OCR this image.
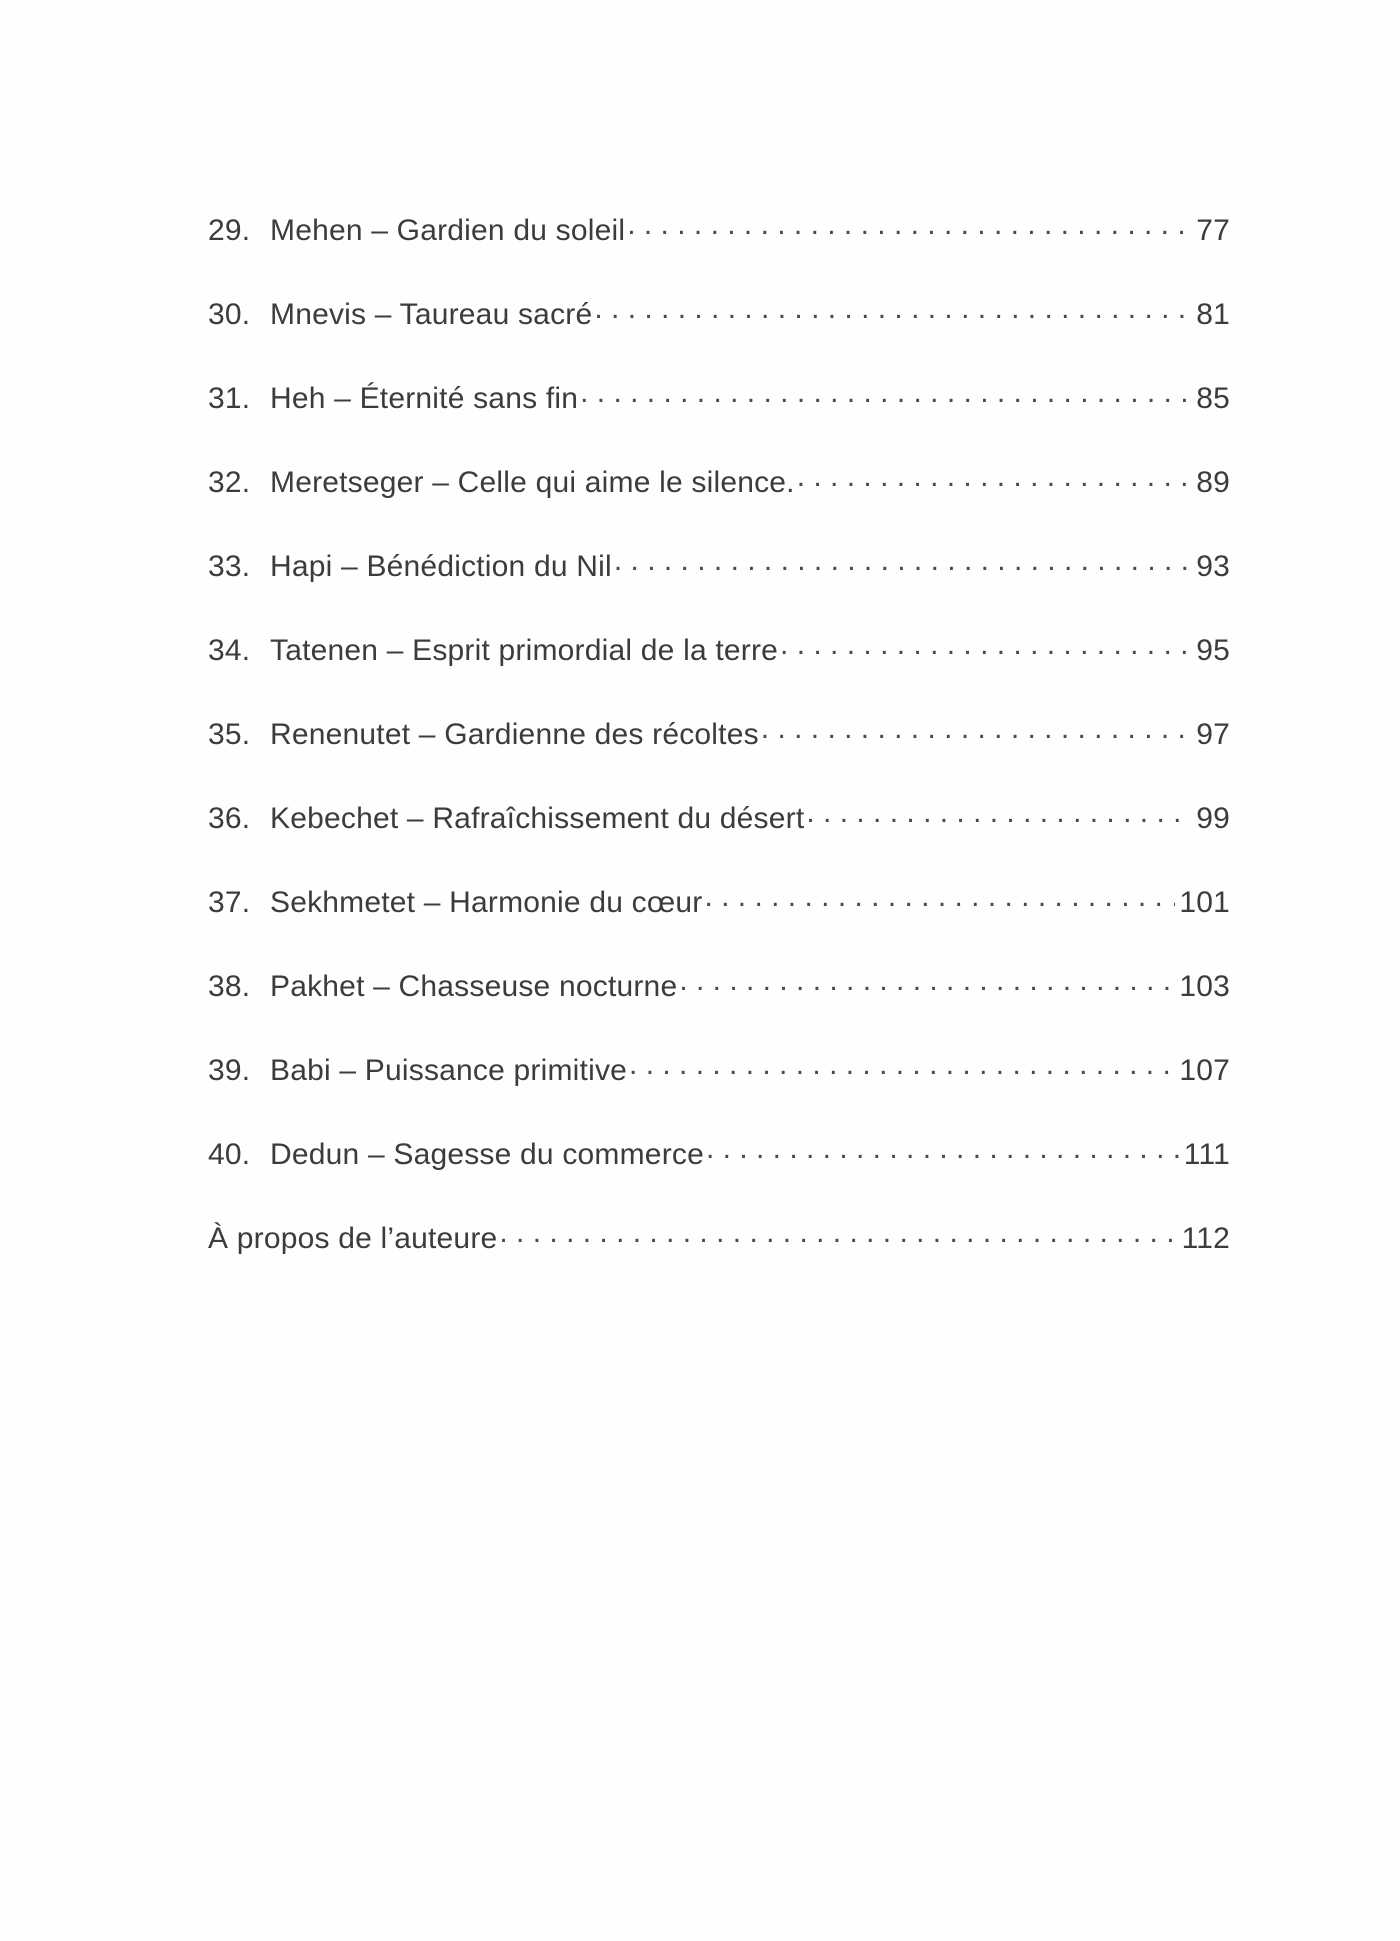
29. Mehen – Gardien du soleil . . .	77
30. Mnevis – Taureau sacré . . .	81
31. Heh – Éternité sans fin . . .	85
32. Meretseger – Celle qui aime le silence. . . .	89
33. Hapi – Bénédiction du Nil . . .	93
34. Tatenen – Esprit primordial de la terre . . .	95
35. Renenutet – Gardienne des récoltes . . .	97
36. Kebechet – Rafraîchissement du désert . . .	99
37. Sekhmetet – Harmonie du cœur . . .	101
38. Pakhet – Chasseuse nocturne . . .	103
39. Babi – Puissance primitive . . .	107
40. Dedun – Sagesse du commerce . . .	111
À propos de l’auteure . . .	112
